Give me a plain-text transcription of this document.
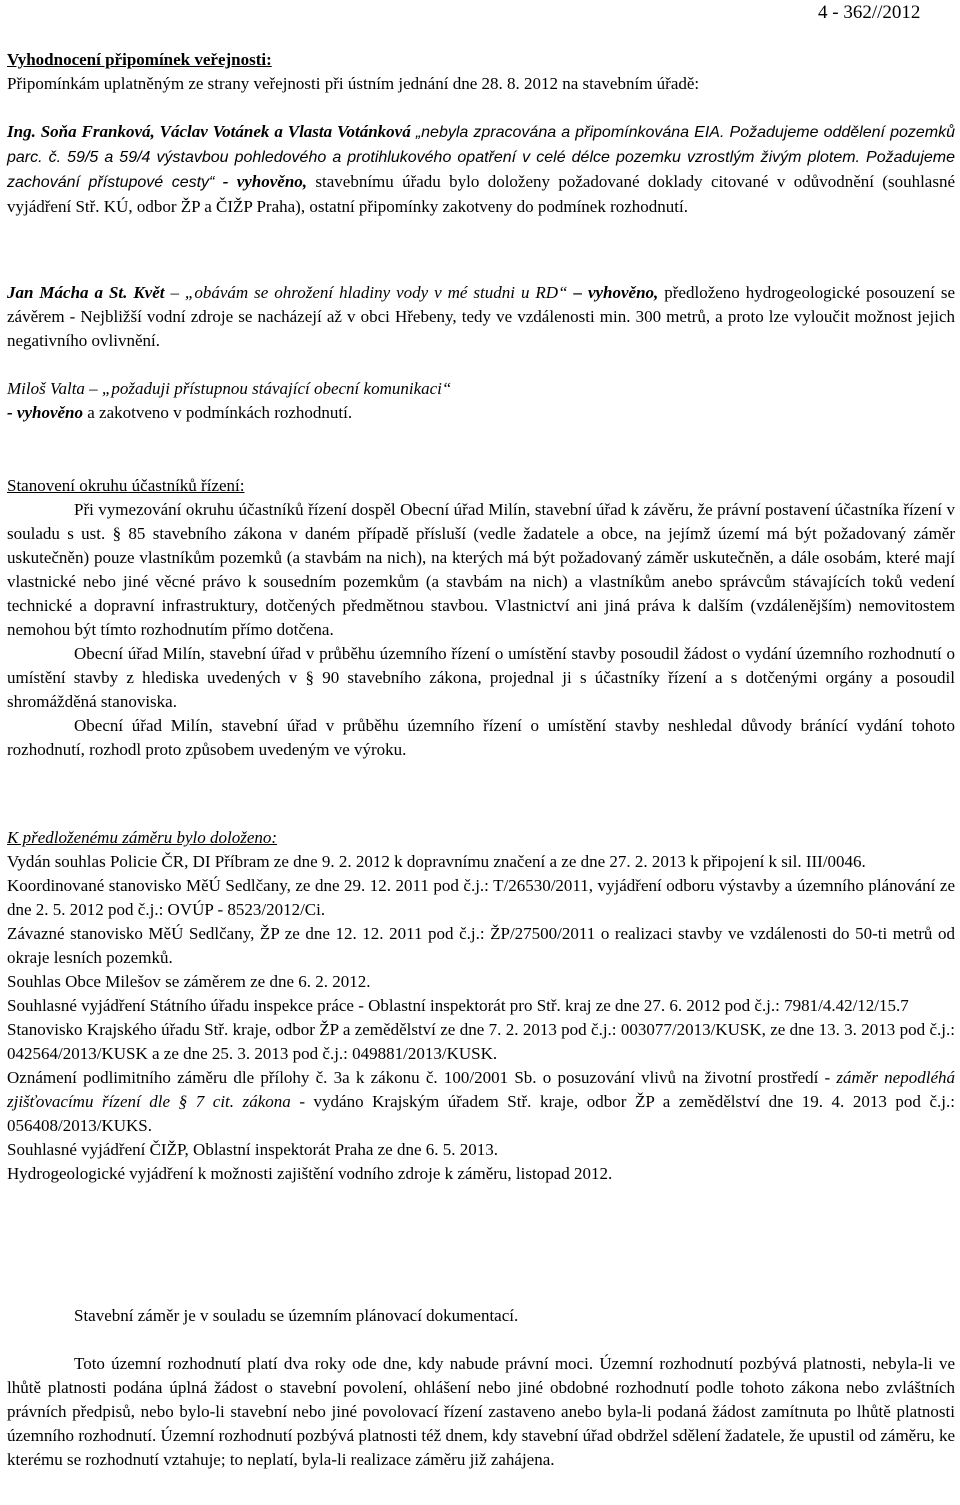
4 - 362//2012

Vyhodnocení připomínek veřejnosti:

Připomínkám uplatněným ze strany veřejnosti při ústním jednání dne 28. 8. 2012 na stavebním úřadě:

Ing. Soňa Franková, Václav Votánek a Vlasta Votánková „nebyla zpracována a připomínkována EIA. Požadujeme oddělení pozemků parc. č. 59/5 a 59/4 výstavbou pohledového a protihlukového opatření v celé délce pozemku vzrostlým živým plotem. Požadujeme zachování přístupové cesty“ - vyhověno, stavebnímu úřadu bylo doloženy požadované doklady citované v odůvodnění (souhlasné vyjádření Stř. KÚ, odbor ŽP a ČIŽP Praha), ostatní připomínky zakotveny do podmínek rozhodnutí.

Jan Mácha a St. Květ – „obávám se ohrožení hladiny vody v mé studni u RD“ – vyhověno, předloženo hydrogeologické posouzení se závěrem - Nejbližší vodní zdroje se nacházejí až v obci Hřebeny, tedy ve vzdálenosti min. 300 metrů, a proto lze vyloučit možnost jejich negativního ovlivnění.

Miloš Valta – „požaduji přístupnou stávající obecní komunikaci“

- vyhověno a zakotveno v podmínkách rozhodnutí.

Stanovení okruhu účastníků řízení:

Při vymezování okruhu účastníků řízení dospěl Obecní úřad Milín, stavební úřad k závěru, že právní postavení účastníka řízení v souladu s ust. § 85 stavebního zákona v daném případě přísluší (vedle žadatele a obce, na jejímž území má být požadovaný záměr uskutečněn) pouze vlastníkům pozemků (a stavbám na nich), na kterých má být požadovaný záměr uskutečněn, a dále osobám, které mají vlastnické nebo jiné věcné právo k sousedním pozemkům (a stavbám na nich) a vlastníkům anebo správcům stávajících toků vedení technické a dopravní infrastruktury, dotčených předmětnou stavbou. Vlastnictví ani jiná práva k dalším (vzdálenějším) nemovitostem nemohou být tímto rozhodnutím přímo dotčena.

Obecní úřad Milín, stavební úřad v průběhu územního řízení o umístění stavby posoudil žádost o vydání územního rozhodnutí o umístění stavby z hlediska uvedených v § 90 stavebního zákona, projednal ji s účastníky řízení a s dotčenými orgány a posoudil shromážděná stanoviska.

Obecní úřad Milín, stavební úřad v průběhu územního řízení o umístění stavby neshledal důvody bránící vydání tohoto rozhodnutí, rozhodl proto způsobem uvedeným ve výroku.

K předloženému záměru bylo doloženo:

Vydán souhlas Policie ČR, DI Příbram ze dne 9. 2. 2012 k dopravnímu značení a ze dne 27. 2. 2013 k připojení k sil. III/0046.

Koordinované stanovisko MěÚ Sedlčany, ze dne 29. 12. 2011 pod č.j.: T/26530/2011, vyjádření odboru výstavby a územního plánování ze dne 2. 5. 2012 pod č.j.: OVÚP - 8523/2012/Ci.

Závazné stanovisko MěÚ Sedlčany, ŽP ze dne 12. 12. 2011 pod č.j.: ŽP/27500/2011 o realizaci stavby ve vzdálenosti do 50-ti metrů od okraje lesních pozemků.

Souhlas Obce Milešov se záměrem ze dne 6. 2. 2012.

Souhlasné vyjádření Státního úřadu inspekce práce - Oblastní inspektorát pro Stř. kraj ze dne 27. 6. 2012 pod č.j.: 7981/4.42/12/15.7

Stanovisko Krajského úřadu Stř. kraje, odbor ŽP a zemědělství ze dne 7. 2. 2013 pod č.j.: 003077/2013/KUSK, ze dne 13. 3. 2013 pod č.j.: 042564/2013/KUSK a ze dne 25. 3. 2013 pod č.j.: 049881/2013/KUSK.

Oznámení podlimitního záměru dle přílohy č. 3a k zákonu č. 100/2001 Sb. o posuzování vlivů na životní prostředí - záměr nepodléhá zjišťovacímu řízení dle § 7 cit. zákona - vydáno Krajským úřadem Stř. kraje, odbor ŽP a zemědělství dne 19. 4. 2013 pod č.j.: 056408/2013/KUKS.

Souhlasné vyjádření ČIŽP, Oblastní inspektorát Praha ze dne 6. 5. 2013.

Hydrogeologické vyjádření k možnosti zajištění vodního zdroje k záměru, listopad 2012.

Stavební záměr je v souladu se územním plánovací dokumentací.

Toto územní rozhodnutí platí dva roky ode dne, kdy nabude právní moci. Územní rozhodnutí pozbývá platnosti, nebyla-li ve lhůtě platnosti podána úplná žádost o stavební povolení, ohlášení nebo jiné obdobné rozhodnutí podle tohoto zákona nebo zvláštních právních předpisů, nebo bylo-li stavební nebo jiné povolovací řízení zastaveno anebo byla-li podaná žádost zamítnuta po lhůtě platnosti územního rozhodnutí. Územní rozhodnutí pozbývá platnosti též dnem, kdy stavební úřad obdržel sdělení žadatele, že upustil od záměru, ke kterému se rozhodnutí vztahuje; to neplatí, byla-li realizace záměru již zahájena.
